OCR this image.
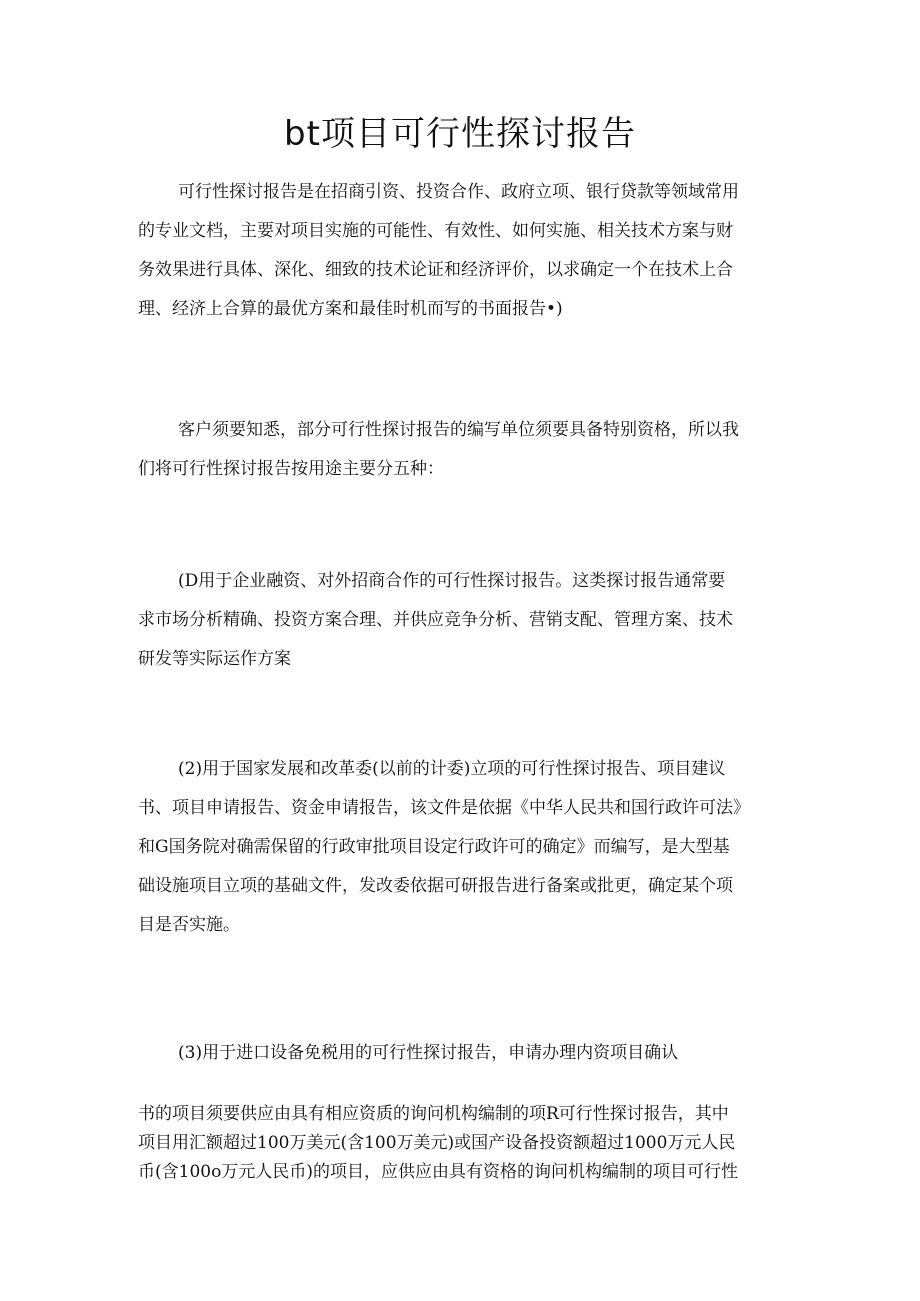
bt项目可行性探讨报告
可行性探讨报告是在招商引资、投资合作、政府立项、银行贷款等领域常用
的专业文档，主要对项目实施的可能性、有效性、如何实施、相关技术方案与财
务效果进行具体、深化、细致的技术论证和经济评价，以求确定一个在技术上合
理、经济上合算的最优方案和最佳时机而写的书面报告•)
客户须要知悉，部分可行性探讨报告的编写单位须要具备特别资格，所以我
们将可行性探讨报告按用途主要分五种：
(D用于企业融资、对外招商合作的可行性探讨报告。这类探讨报告通常要
求市场分析精确、投资方案合理、并供应竞争分析、营销支配、管理方案、技术
研发等实际运作方案
(2)用于国家发展和改革委(以前的计委)立项的可行性探讨报告、项目建议
书、项目申请报告、资金申请报告，该文件是依据《中华人民共和国行政许可法》
和G国务院对确需保留的行政审批项目设定行政许可的确定》而编写，是大型基
础设施项目立项的基础文件，发改委依据可研报告进行备案或批更，确定某个项
目是否实施。
(3)用于进口设备免税用的可行性探讨报告，申请办理内资项目确认
书的项目须要供应由具有相应资质的询问机构编制的项R可行性探讨报告，其中
项目用汇额超过100万美元(含100万美元)或国产设备投资额超过1000万元人民
币(含100o万元人民币)的项目，应供应由具有资格的询问机构编制的项目可行性
